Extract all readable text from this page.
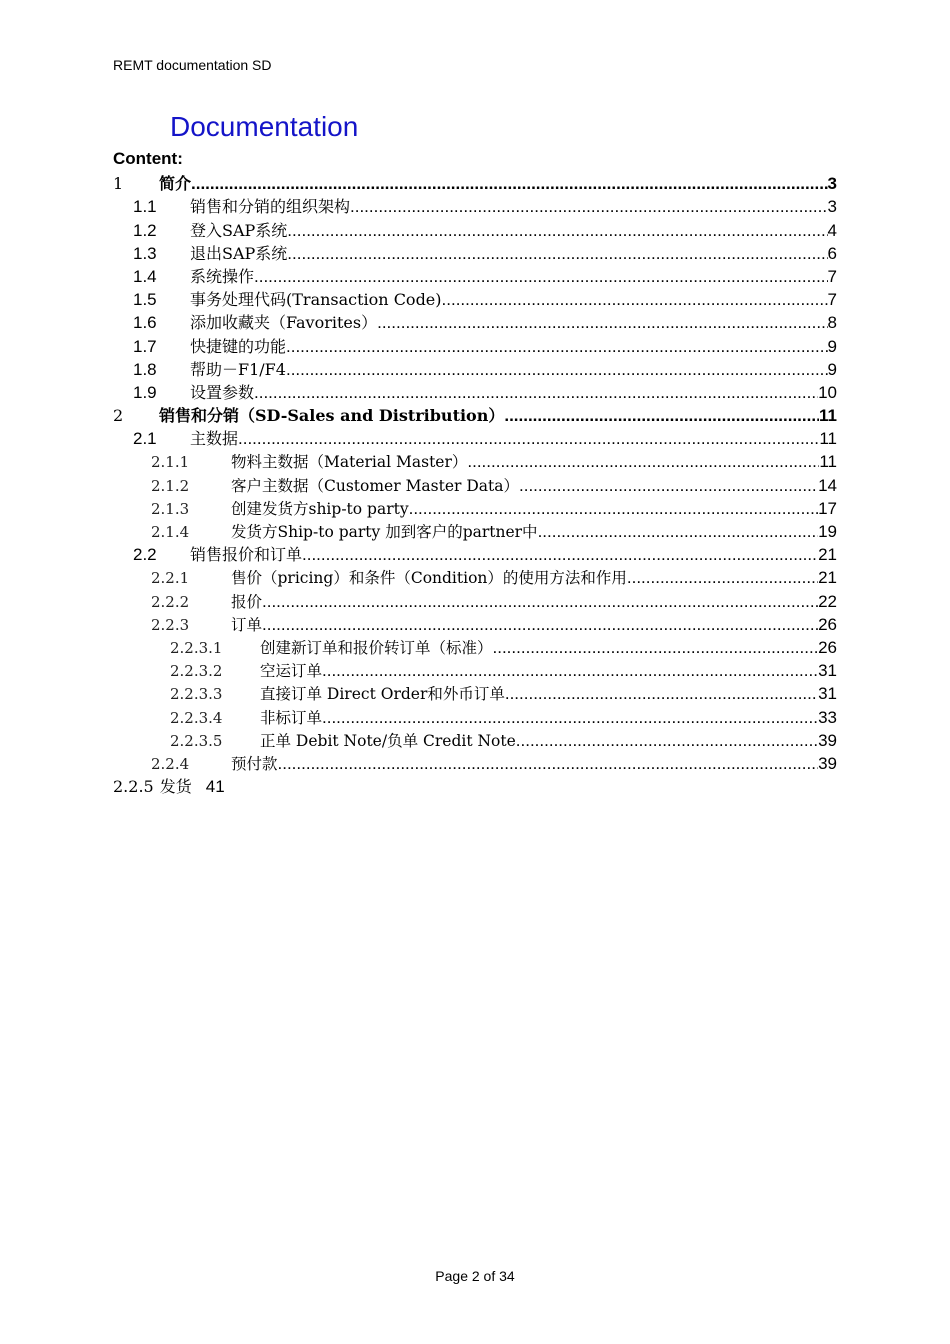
REMT documentation SD
Documentation
Content:
1	简介 .....	3
1.1	销售和分销的组织架构 .....	3
1.2	登入SAP系统 .....	4
1.3	退出SAP系统 .....	6
1.4	系统操作 .....	7
1.5	事务处理代码(Transaction Code) .....	7
1.6	添加收藏夹（Favorites） .....	8
1.7	快捷键的功能 .....	9
1.8	帮助－F1/F4 .....	9
1.9	设置参数 .....	10
2	销售和分销（SD-Sales and Distribution） .....	11
2.1	主数据 .....	11
2.1.1	物料主数据（Material Master） .....	11
2.1.2	客户主数据（Customer Master Data） .....	14
2.1.3	创建发货方ship-to party .....	17
2.1.4	发货方Ship-to party 加到客户的partner中 .....	19
2.2	销售报价和订单 .....	21
2.2.1	售价（pricing）和条件（Condition）的使用方法和作用 .....	21
2.2.2	报价 .....	22
2.2.3	订单 .....	26
2.2.3.1	创建新订单和报价转订单（标准） .....	26
2.2.3.2	空运订单 .....	31
2.2.3.3	直接订单 Direct Order和外币订单 .....	31
2.2.3.4	非标订单 .....	33
2.2.3.5	正单 Debit Note/负单 Credit Note .....	39
2.2.4	预付款 .....	39
2.2.5 发货 41
Page 2 of 34
